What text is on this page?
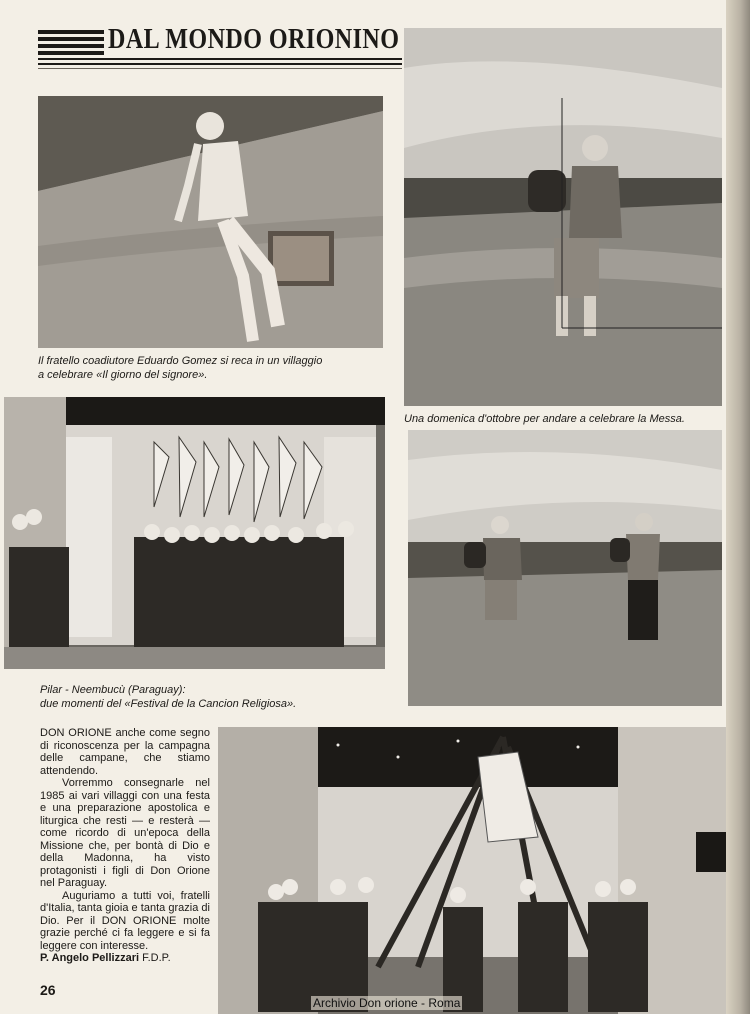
DAL MONDO ORIONINO
Il fratello coadiutore Eduardo Gomez si reca in un villaggio
a celebrare «Il giorno del signore».
Una domenica d'ottobre per andare a celebrare la Messa.
Pilar - Neembucù (Paraguay):
due momenti del «Festival de la Cancion Religiosa».

DON ORIONE anche come segno di riconoscenza per la campagna delle campane, che stiamo attendendo.

Vorremmo consegnarle nel 1985 ai vari villaggi con una festa e una preparazione apostolica e liturgica che resti — e resterà — come ricordo di un'epoca della Missione che, per bontà di Dio e della Madonna, ha visto protagonisti i figli di Don Orione nel Paraguay.

Auguriamo a tutti voi, fratelli d'Italia, tanta gioia e tanta grazia di Dio. Per il DON ORIONE molte grazie perché ci fa leggere e si fa leggere con interesse.

P. Angelo Pellizzari F.D.P.

26
Archivio Don orione - Roma
